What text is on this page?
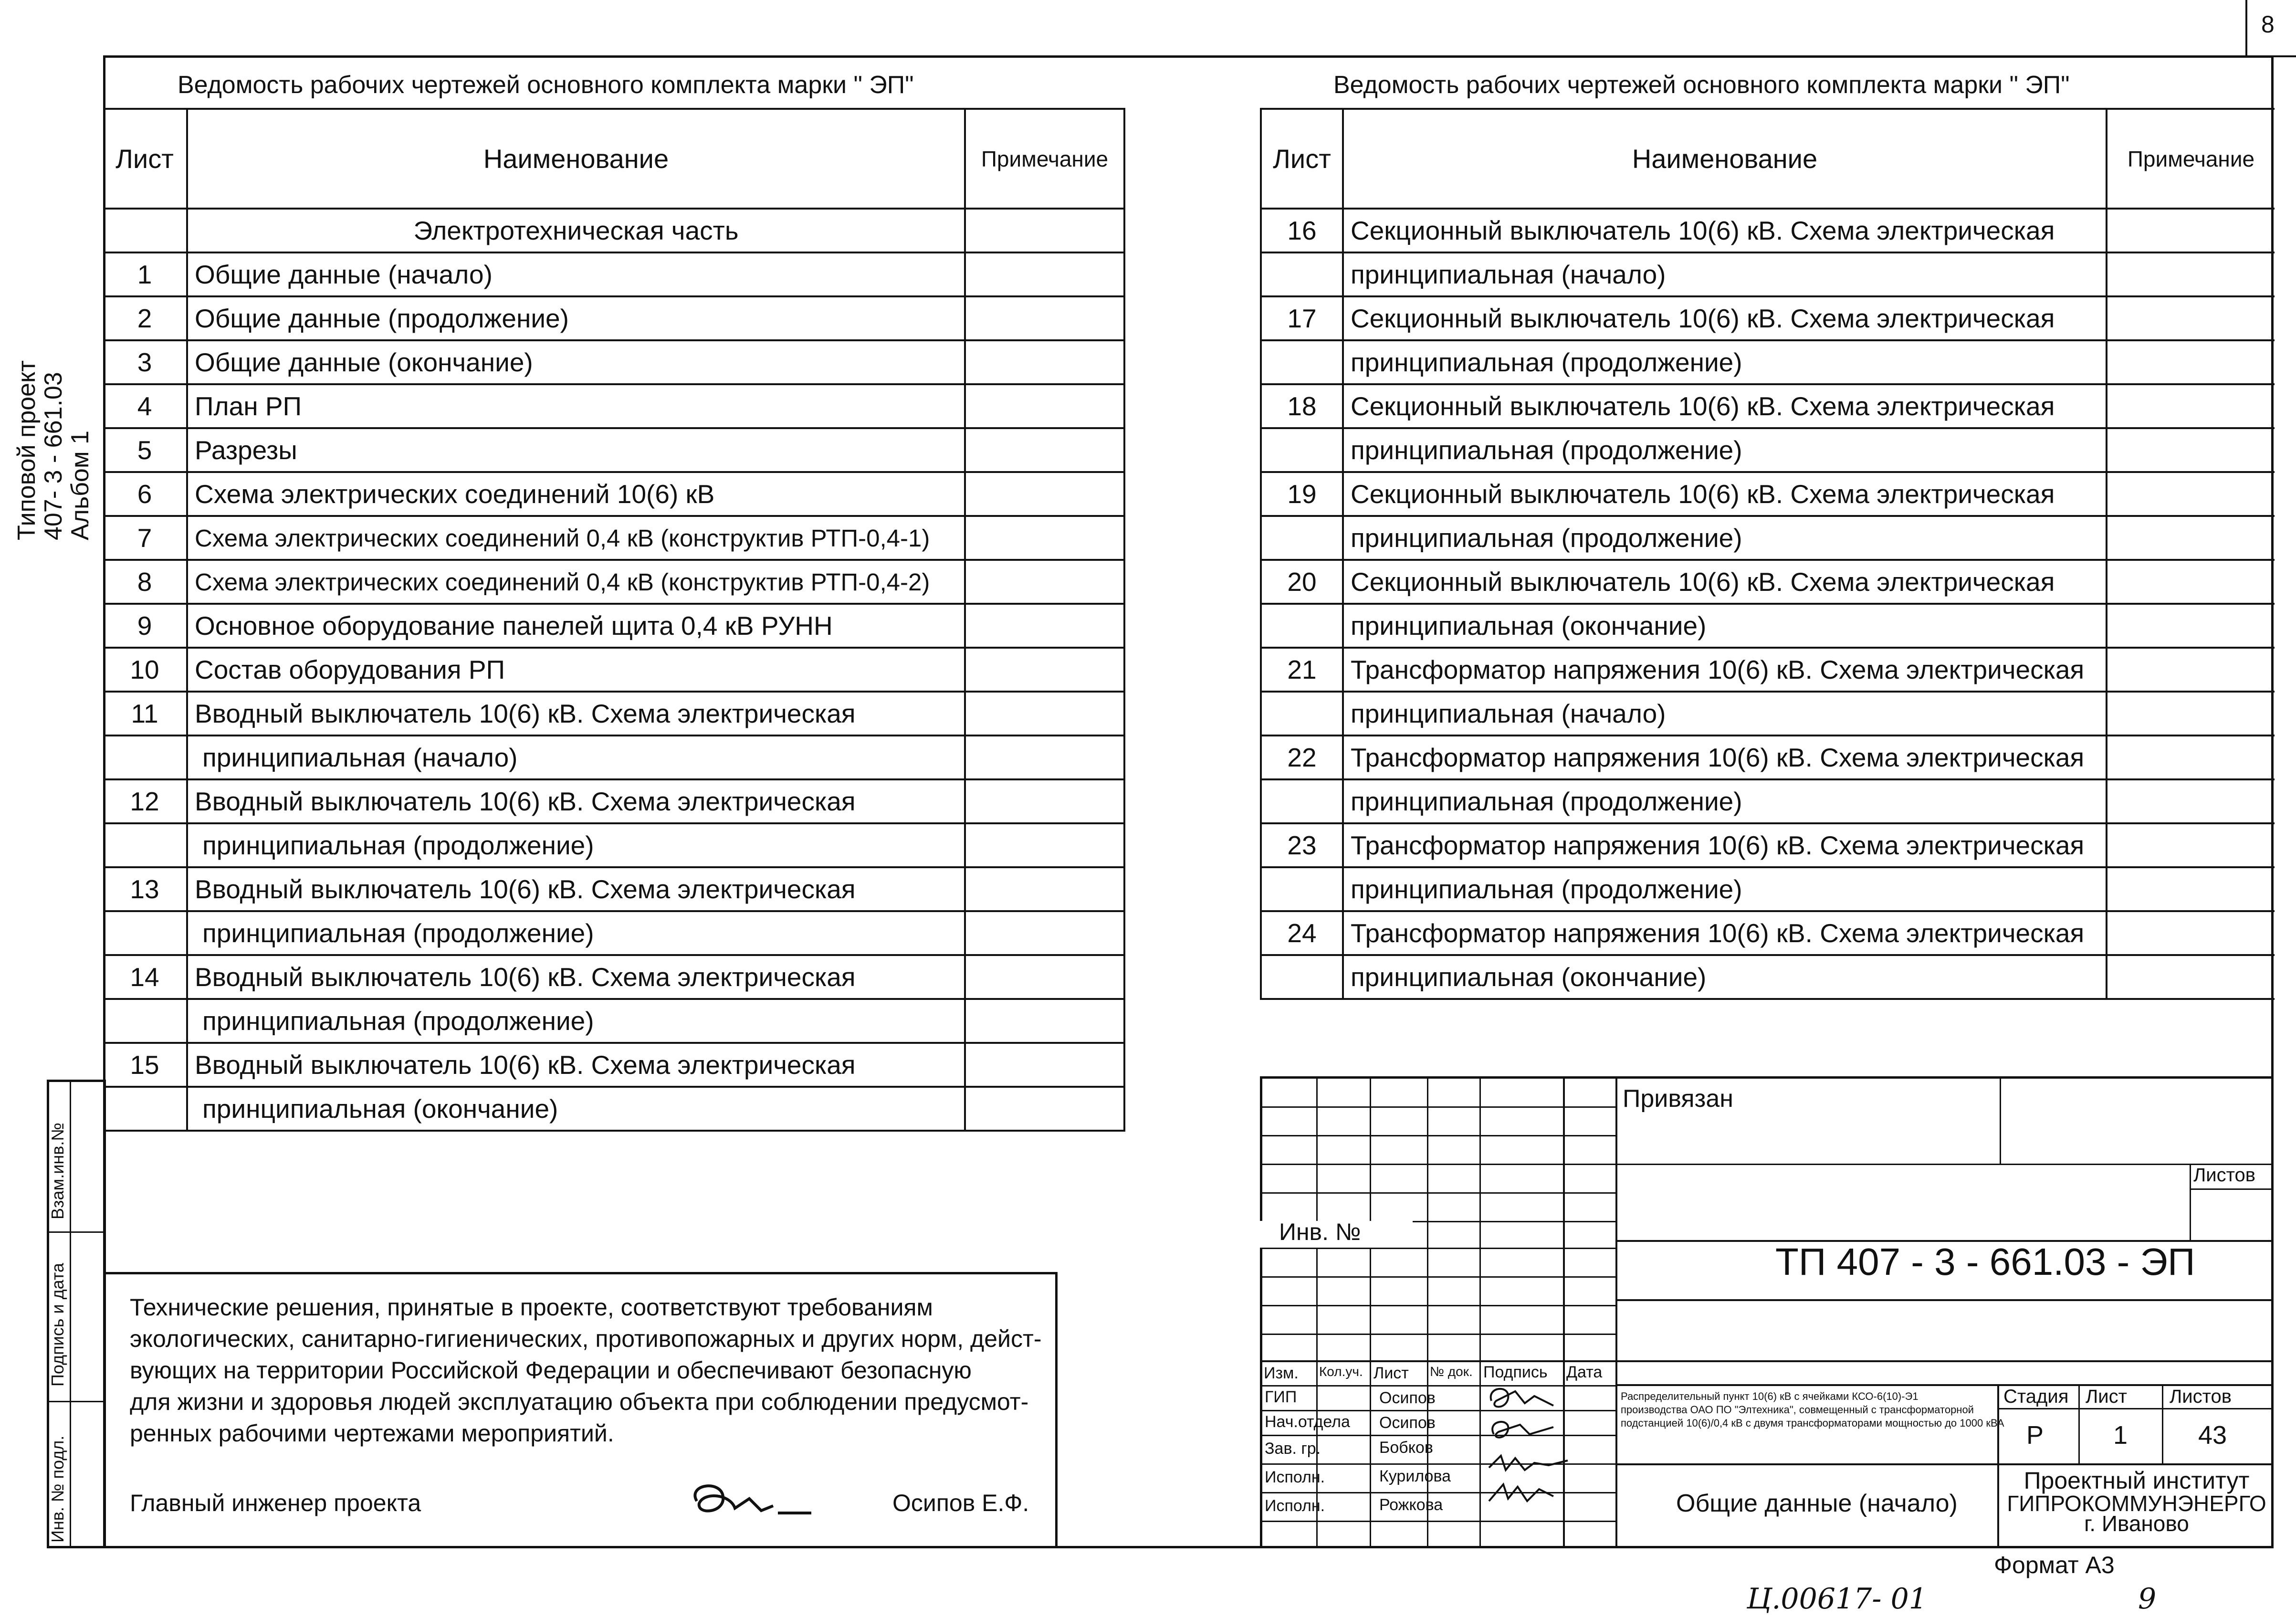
8
Типовой проект
407- 3 - 661.03
Альбом 1
Взам.инв.№
Подпись и дата
Инв. № подл.
Ведомость рабочих чертежей основного комплекта марки " ЭП"
Лист	Наименование	Примечание
	Электротехническая часть	
1	Общие данные (начало)	
2	Общие данные (продолжение)	
3	Общие данные (окончание)	
4	План РП	
5	Разрезы	
6	Схема электрических соединений 10(6) кВ	
7	Схема электрических соединений 0,4 кВ (конструктив РТП-0,4-1)	
8	Схема электрических соединений 0,4 кВ (конструктив РТП-0,4-2)	
9	Основное оборудование панелей щита 0,4 кВ РУНН	
10	Состав оборудования РП	
11	Вводный выключатель 10(6) кВ. Схема электрическая	
	принципиальная (начало)	
12	Вводный выключатель 10(6) кВ. Схема электрическая	
	принципиальная (продолжение)	
13	Вводный выключатель 10(6) кВ. Схема электрическая	
	принципиальная (продолжение)	
14	Вводный выключатель 10(6) кВ. Схема электрическая	
	принципиальная (продолжение)	
15	Вводный выключатель 10(6) кВ. Схема электрическая	
	принципиальная (окончание)	
Ведомость рабочих чертежей основного комплекта марки " ЭП"
Лист	Наименование	Примечание
16	Секционный выключатель 10(6) кВ. Схема электрическая	
	принципиальная (начало)	
17	Секционный выключатель 10(6) кВ. Схема электрическая	
	принципиальная (продолжение)	
18	Секционный выключатель 10(6) кВ. Схема электрическая	
	принципиальная (продолжение)	
19	Секционный выключатель 10(6) кВ. Схема электрическая	
	принципиальная (продолжение)	
20	Секционный выключатель 10(6) кВ. Схема электрическая	
	принципиальная (окончание)	
21	Трансформатор напряжения 10(6) кВ. Схема электрическая	
	принципиальная (начало)	
22	Трансформатор напряжения 10(6) кВ. Схема электрическая	
	принципиальная (продолжение)	
23	Трансформатор напряжения 10(6) кВ. Схема электрическая	
	принципиальная (продолжение)	
24	Трансформатор напряжения 10(6) кВ. Схема электрическая	
	принципиальная (окончание)	
Технические решения, принятые в проекте, соответствуют требованиям
экологических, санитарно-гигиенических, противопожарных и других норм, дейст-
вующих на территории Российской Федерации и обеспечивают безопасную
для жизни и здоровья людей эксплуатацию объекта при соблюдении предусмот-
ренных рабочими чертежами мероприятий.
Главный инженер проекта	Осипов Е.Ф.
Инв. №
Изм. Кол.уч. Лист № док. Подпись Дата
ГИП	Осипов
Нач.отдела Осипов
Зав. гр.	Бобков
Исполн.	Курилова
Исполн.	Рожкова
Привязан
Листов
ТП 407 - 3 - 661.03 - ЭП
Распределительный пункт 10(6) кВ с ячейками КСО-6(10)-Э1
производства ОАО ПО "Элтехника", совмещенный с трансформаторной
подстанцией 10(6)/0,4 кВ с двумя трансформаторами мощностью до 1000 кВА
Стадия Лист Листов
Р	1	43
Общие данные (начало)
Проектный институт
ГИПРОКОММУНЭНЕРГО
г. Иваново
Формат А3
Ц.00617- 01	9
